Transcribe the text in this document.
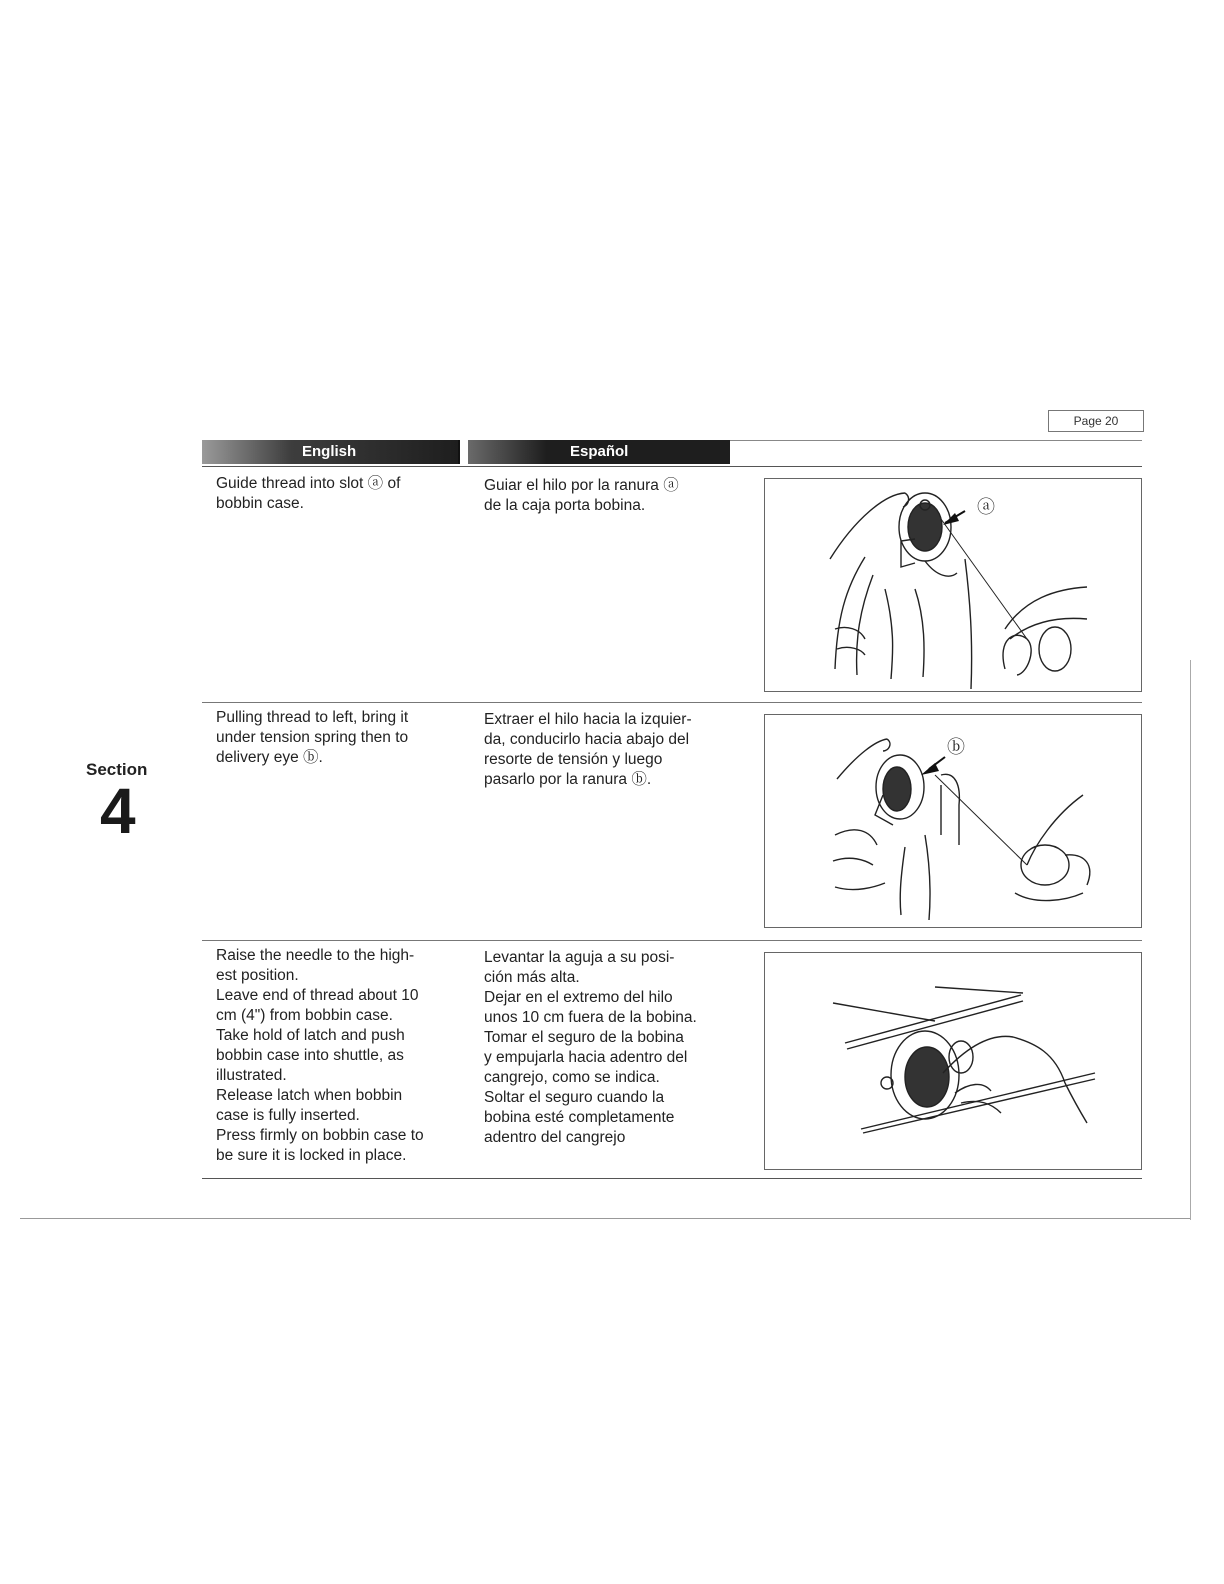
Page 20
English	Español
Section
4
Guide thread into slot ⓐ of
bobbin case.
Guiar el hilo por la ranura ⓐ
de la caja porta bobina.	ⓐ
Pulling thread to left, bring it
under tension spring then to
delivery eye ⓑ.
Extraer el hilo hacia la izquier-
da, conducirlo hacia abajo del
resorte de tensión y luego
pasarlo por la ranura ⓑ.
ⓑ
Raise the needle to the high-
est position.
Leave end of thread about 10
cm (4") from bobbin case.
Take hold of latch and push
bobbin case into shuttle, as
illustrated.
Release latch when bobbin
case is fully inserted.
Press firmly on bobbin case to
be sure it is locked in place.
Levantar la aguja a su posi-
ción más alta.
Dejar en el extremo del hilo
unos 10 cm fuera de la bobina.
Tomar el seguro de la bobina
y empujarla hacia adentro del
cangrejo, como se indica.
Soltar el seguro cuando la
bobina esté completamente
adentro del cangrejo
